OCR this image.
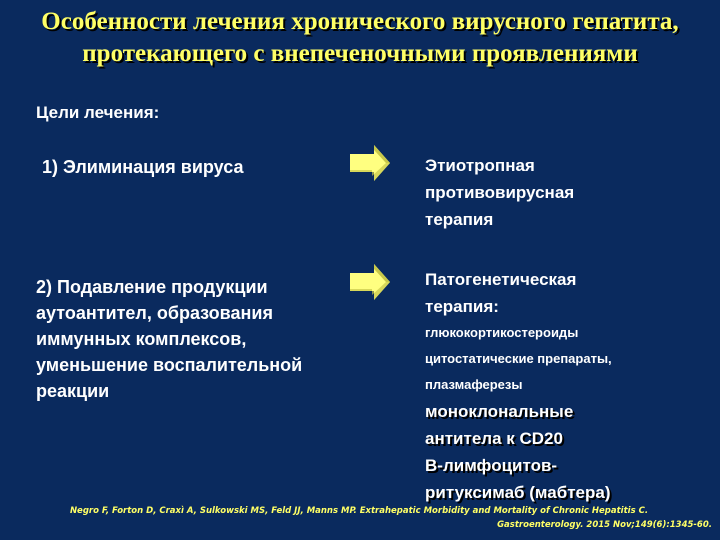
Особенности лечения хронического вирусного гепатита, протекающего с внепеченочными проявлениями
Цели лечения:
1) Элиминация вируса
2) Подавление продукции
аутоантител, образования
иммунных комплексов,
уменьшение воспалительной
реакции
Этиотропная
противовирусная
терапия
Патогенетическая
терапия:
глюкокортикостероиды
цитостатические препараты,
плазмаферезы
моноклональные
антитела к CD20
В-лимфоцитов-
ритуксимаб (мабтера)
Negro F, Forton D, Craxì A, Sulkowski MS, Feld JJ, Manns MP. Extrahepatic Morbidity and Mortality of Chronic Hepatitis C.
Gastroenterology. 2015 Nov;149(6):1345-60.
